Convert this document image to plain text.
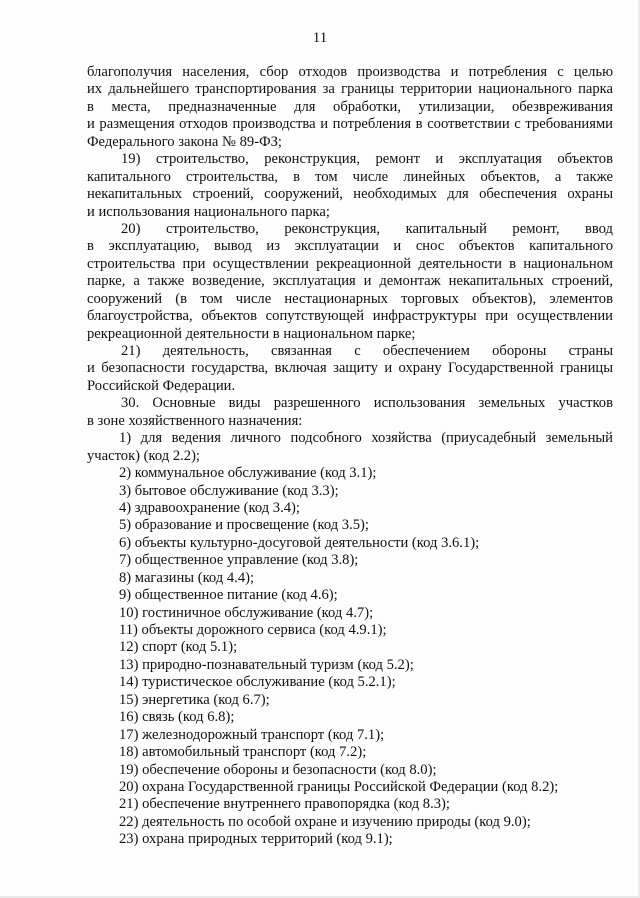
11
благополучия населения, сбор отходов производства и потребления с целью
их дальнейшего транспортирования за границы территории национального парка
в места, предназначенные для обработки, утилизации, обезвреживания
и размещения отходов производства и потребления в соответствии с требованиями
Федерального закона № 89-ФЗ;
19) строительство, реконструкция, ремонт и эксплуатация объектов
капитального строительства, в том числе линейных объектов, а также
некапитальных строений, сооружений, необходимых для обеспечения охраны
и использования национального парка;
20) строительство, реконструкция, капитальный ремонт, ввод
в эксплуатацию, вывод из эксплуатации и снос объектов капитального
строительства при осуществлении рекреационной деятельности в национальном
парке, а также возведение, эксплуатация и демонтаж некапитальных строений,
сооружений (в том числе нестационарных торговых объектов), элементов
благоустройства, объектов сопутствующей инфраструктуры при осуществлении
рекреационной деятельности в национальном парке;
21) деятельность, связанная с обеспечением обороны страны
и безопасности государства, включая защиту и охрану Государственной границы
Российской Федерации.
30. Основные виды разрешенного использования земельных участков
в зоне хозяйственного назначения:
1) для ведения личного подсобного хозяйства (приусадебный земельный
участок) (код 2.2);
2) коммунальное обслуживание (код 3.1);
3) бытовое обслуживание (код 3.3);
4) здравоохранение (код 3.4);
5) образование и просвещение (код 3.5);
6) объекты культурно-досуговой деятельности (код 3.6.1);
7) общественное управление (код 3.8);
8) магазины (код 4.4);
9) общественное питание (код 4.6);
10) гостиничное обслуживание (код 4.7);
11) объекты дорожного сервиса (код 4.9.1);
12) спорт (код 5.1);
13) природно-познавательный туризм (код 5.2);
14) туристическое обслуживание (код 5.2.1);
15) энергетика (код 6.7);
16) связь (код 6.8);
17) железнодорожный транспорт (код 7.1);
18) автомобильный транспорт (код 7.2);
19) обеспечение обороны и безопасности (код 8.0);
20) охрана Государственной границы Российской Федерации (код 8.2);
21) обеспечение внутреннего правопорядка (код 8.3);
22) деятельность по особой охране и изучению природы (код 9.0);
23) охрана природных территорий (код 9.1);
